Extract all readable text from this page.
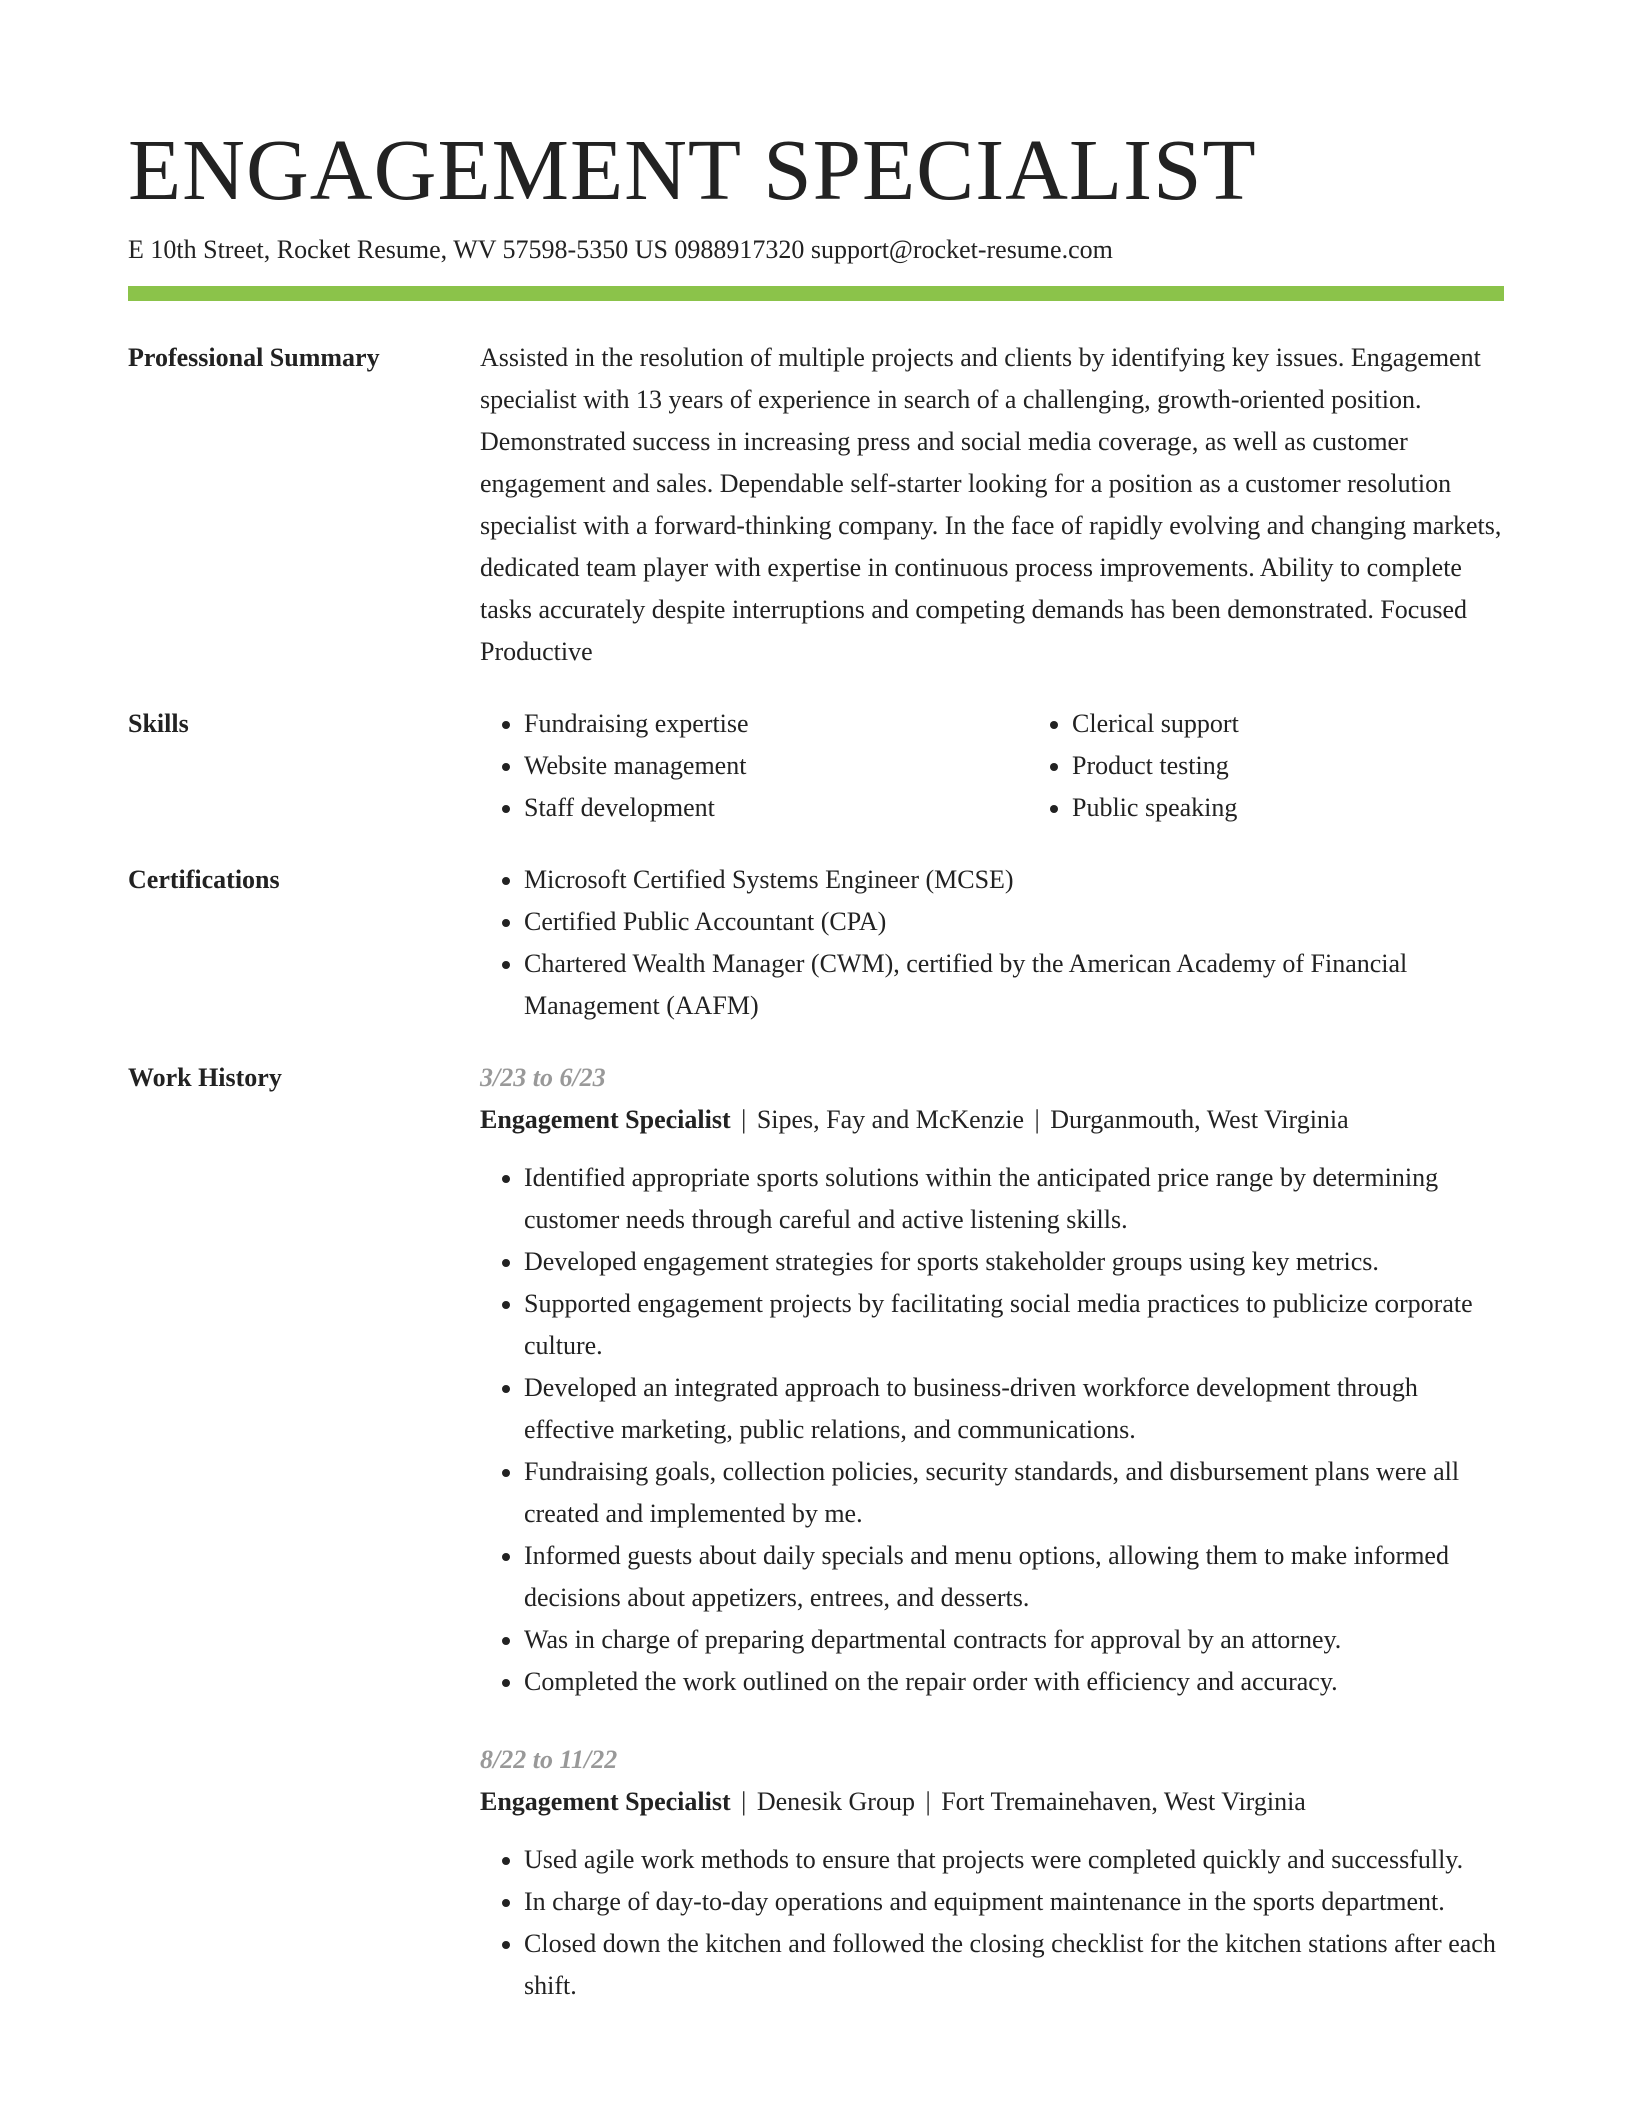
ENGAGEMENT SPECIALIST
E 10th Street, Rocket Resume, WV 57598-5350 US 0988917320 support@rocket-resume.com
Professional Summary	Assisted in the resolution of multiple projects and clients by identifying key issues. Engagement specialist with 13 years of experience in search of a challenging, growth-oriented position. Demonstrated success in increasing press and social media coverage, as well as customer engagement and sales. Dependable self-starter looking for a position as a customer resolution specialist with a forward-thinking company. In the face of rapidly evolving and changing markets, dedicated team player with expertise in continuous process improvements. Ability to complete tasks accurately despite interruptions and competing demands has been demonstrated. Focused Productive

Skills	• Fundraising expertise
• Website management
• Staff development
• Clerical support
• Product testing
• Public speaking
Certifications	• Microsoft Certified Systems Engineer (MCSE)
• Certified Public Accountant (CPA)
• Chartered Wealth Manager (CWM), certified by the American Academy of Financial Management (AAFM)
Work History	3/23 to 6/23

Engagement Specialist | Sipes, Fay and McKenzie | Durganmouth, West Virginia

• Identified appropriate sports solutions within the anticipated price range by determining customer needs through careful and active listening skills.
• Developed engagement strategies for sports stakeholder groups using key metrics.
• Supported engagement projects by facilitating social media practices to publicize corporate culture.
• Developed an integrated approach to business-driven workforce development through effective marketing, public relations, and communications.
• Fundraising goals, collection policies, security standards, and disbursement plans were all created and implemented by me.
• Informed guests about daily specials and menu options, allowing them to make informed decisions about appetizers, entrees, and desserts.
• Was in charge of preparing departmental contracts for approval by an attorney.
• Completed the work outlined on the repair order with efficiency and accuracy.
8/22 to 11/22

Engagement Specialist | Denesik Group | Fort Tremainehaven, West Virginia

• Used agile work methods to ensure that projects were completed quickly and successfully.
• In charge of day-to-day operations and equipment maintenance in the sports department.
• Closed down the kitchen and followed the closing checklist for the kitchen stations after each shift.
